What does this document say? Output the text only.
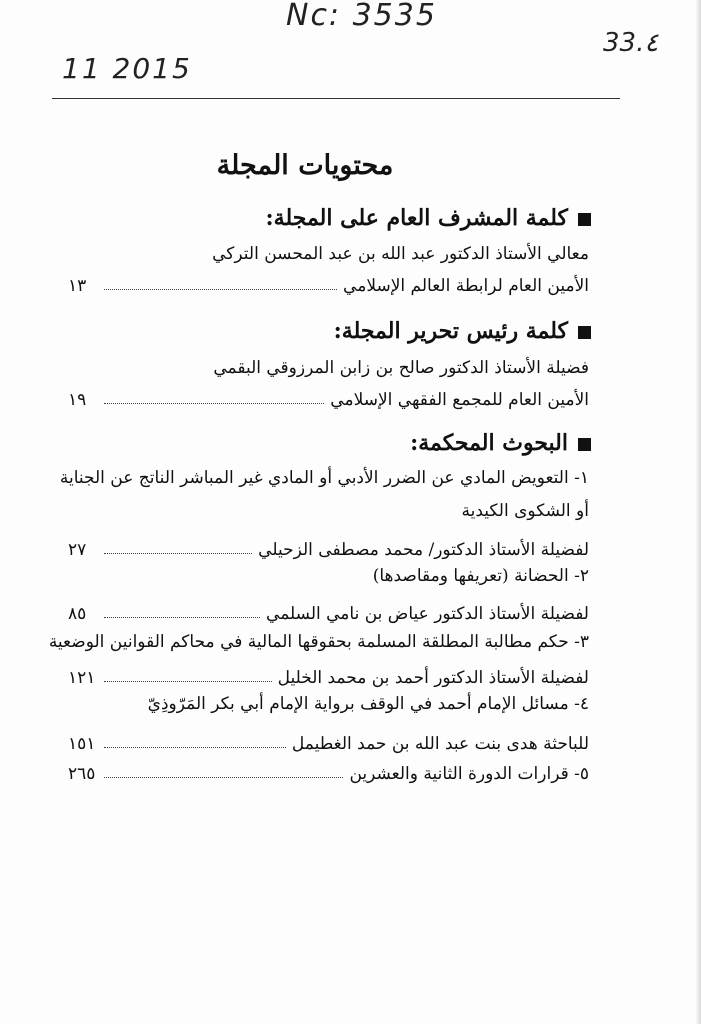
Nc: 3535
11 2015
33.٤
محتويات المجلة
كلمة المشرف العام على المجلة:
معالي الأستاذ الدكتور عبد الله بن عبد المحسن التركي
الأمين العام لرابطة العالم الإسلامي
١٣
كلمة رئيس تحرير المجلة:
فضيلة الأستاذ الدكتور صالح بن زابن المرزوقي البقمي
الأمين العام للمجمع الفقهي الإسلامي
١٩
البحوث المحكمة:
١- التعويض المادي عن الضرر الأدبي أو المادي غير المباشر الناتج عن الجناية
أو الشكوى الكيدية
لفضيلة الأستاذ الدكتور/ محمد مصطفى الزحيلي
٢٧
٢- الحضانة (تعريفها ومقاصدها)
لفضيلة الأستاذ الدكتور عياض بن نامي السلمي
٨٥
٣- حكم مطالبة المطلقة المسلمة بحقوقها المالية في محاكم القوانين الوضعية
لفضيلة الأستاذ الدكتور أحمد بن محمد الخليل
١٢١
٤- مسائل الإمام أحمد في الوقف برواية الإمام أبي بكر المَرّوذِيّ
للباحثة هدى بنت عبد الله بن حمد الغطيمل
١٥١
٥- قرارات الدورة الثانية والعشرين
٢٦٥
